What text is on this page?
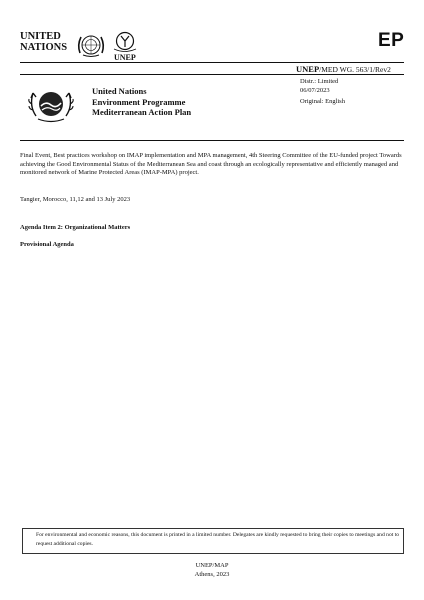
UNITED
NATIONS
UNEP
EP
UNEP/MED WG. 563/1/Rev2
Distr.: Limited
06/07/2023
Original: English
United Nations
Environment Programme
Mediterranean Action Plan
Final Event, Best practices workshop on IMAP implementation and MPA management, 4th Steering Committee of the EU-funded project Towards achieving the Good Environmental Status of the Mediterranean Sea and coast through an ecologically representative and efficiently managed and monitored network of Marine Protected Areas (IMAP-MPA) project.
Tangier, Morocco, 11,12 and 13 July 2023
Agenda Item 2: Organizational Matters
Provisional Agenda
For environmental and economic reasons, this document is printed in a limited number. Delegates are kindly requested to bring their copies to meetings and not to request additional copies.
UNEP/MAP
Athens, 2023
